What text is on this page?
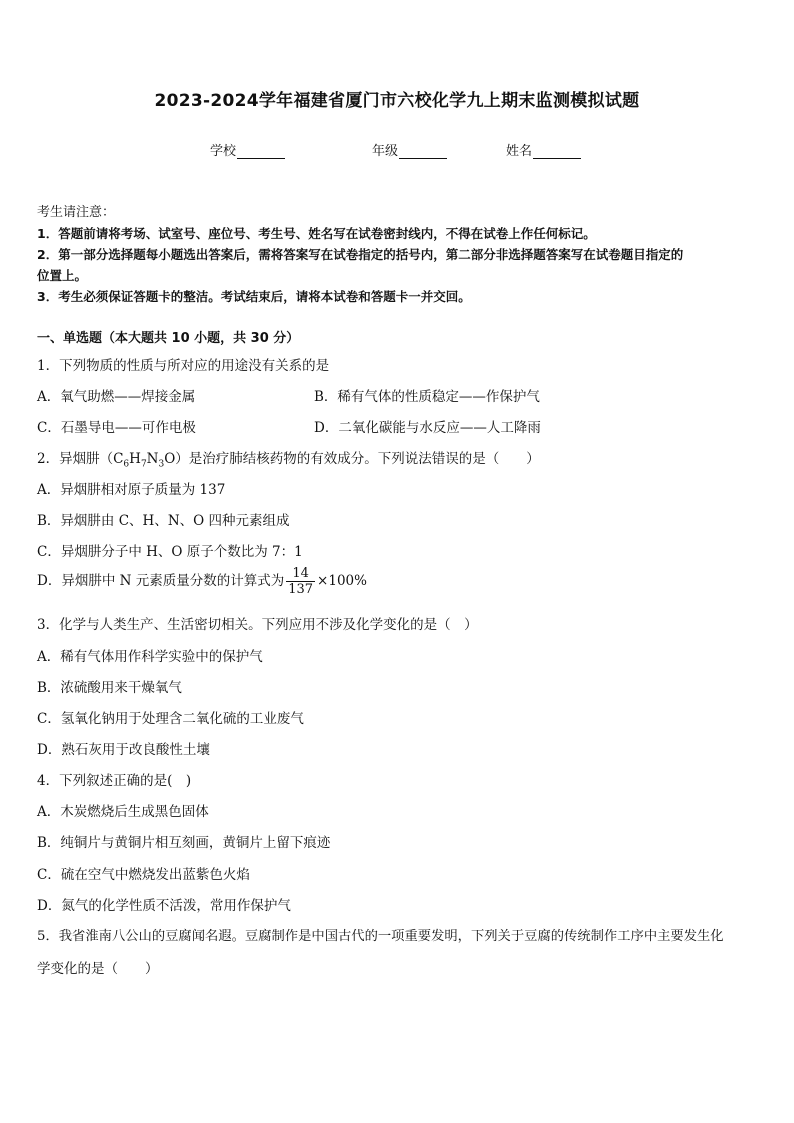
2023-2024学年福建省厦门市六校化学九上期末监测模拟试题
学校	年级	姓名
考生请注意：
1．答题前请将考场、试室号、座位号、考生号、姓名写在试卷密封线内，不得在试卷上作任何标记。
2．第一部分选择题每小题选出答案后，需将答案写在试卷指定的括号内，第二部分非选择题答案写在试卷题目指定的
位置上。
3．考生必须保证答题卡的整洁。考试结束后，请将本试卷和答题卡一并交回。
一、单选题（本大题共 10 小题，共 30 分）
1．下列物质的性质与所对应的用途没有关系的是
A．氧气助燃——焊接金属	B．稀有气体的性质稳定——作保护气
C．石墨导电——可作电极	D．二氧化碳能与水反应——人工降雨
2．异烟肼$(C_6H_7N_3O)$是治疗肺结核药物的有效成分。下列说法错误的是（　　）
A．异烟肼相对原子质量为 137
B．异烟肼由 C、H、N、O 四种元素组成
C．异烟肼分子中 H、O 原子个数比为 7：1
D．异烟肼中 N 元素质量分数的计算式为 $\frac{14}{137} \times 100\%$
3．化学与人类生产、生活密切相关。下列应用不涉及化学变化的是（　）
A．稀有气体用作科学实验中的保护气
B．浓硫酸用来干燥氧气
C．氢氧化钠用于处理含二氧化硫的工业废气
D．熟石灰用于改良酸性土壤
4．下列叙述正确的是(　)
A．木炭燃烧后生成黑色固体
B．纯铜片与黄铜片相互刻画，黄铜片上留下痕迹
C．硫在空气中燃烧发出蓝紫色火焰
D．氮气的化学性质不活泼，常用作保护气
5．我省淮南八公山的豆腐闻名遐。豆腐制作是中国古代的一项重要发明，下列关于豆腐的传统制作工序中主要发生化
学变化的是（　　）
